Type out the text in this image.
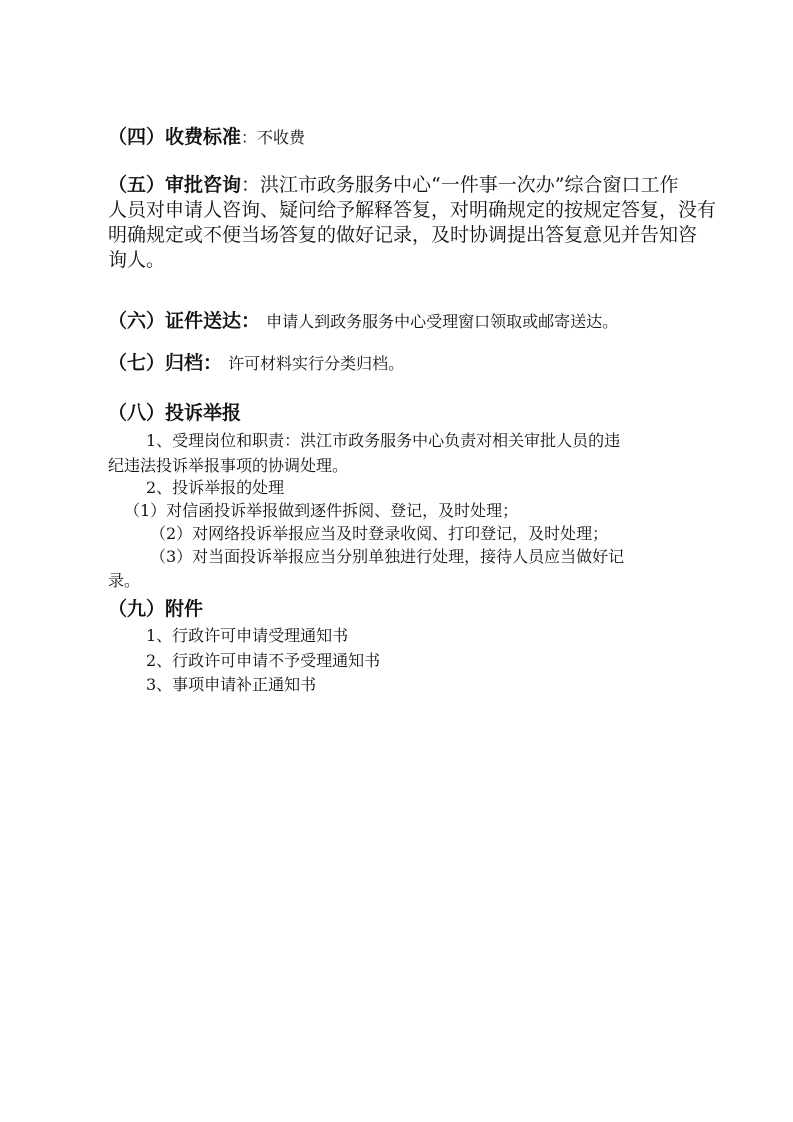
（四）收费标准：不收费
（五）审批咨询：洪江市政务服务中心“一件事一次办”综合窗口工作
人员对申请人咨询、疑问给予解释答复，对明确规定的按规定答复，没有
明确规定或不便当场答复的做好记录，及时协调提出答复意见并告知咨
询人。
（六）证件送达： 申请人到政务服务中心受理窗口领取或邮寄送达。
（七）归档： 许可材料实行分类归档。
（八）投诉举报
1、受理岗位和职责：洪江市政务服务中心负责对相关审批人员的违
纪违法投诉举报事项的协调处理。
2、投诉举报的处理
（1）对信函投诉举报做到逐件拆阅、登记，及时处理；
（2）对网络投诉举报应当及时登录收阅、打印登记，及时处理；
（3）对当面投诉举报应当分别单独进行处理，接待人员应当做好记
录。
（九）附件
1、行政许可申请受理通知书
2、行政许可申请不予受理通知书
3、事项申请补正通知书
